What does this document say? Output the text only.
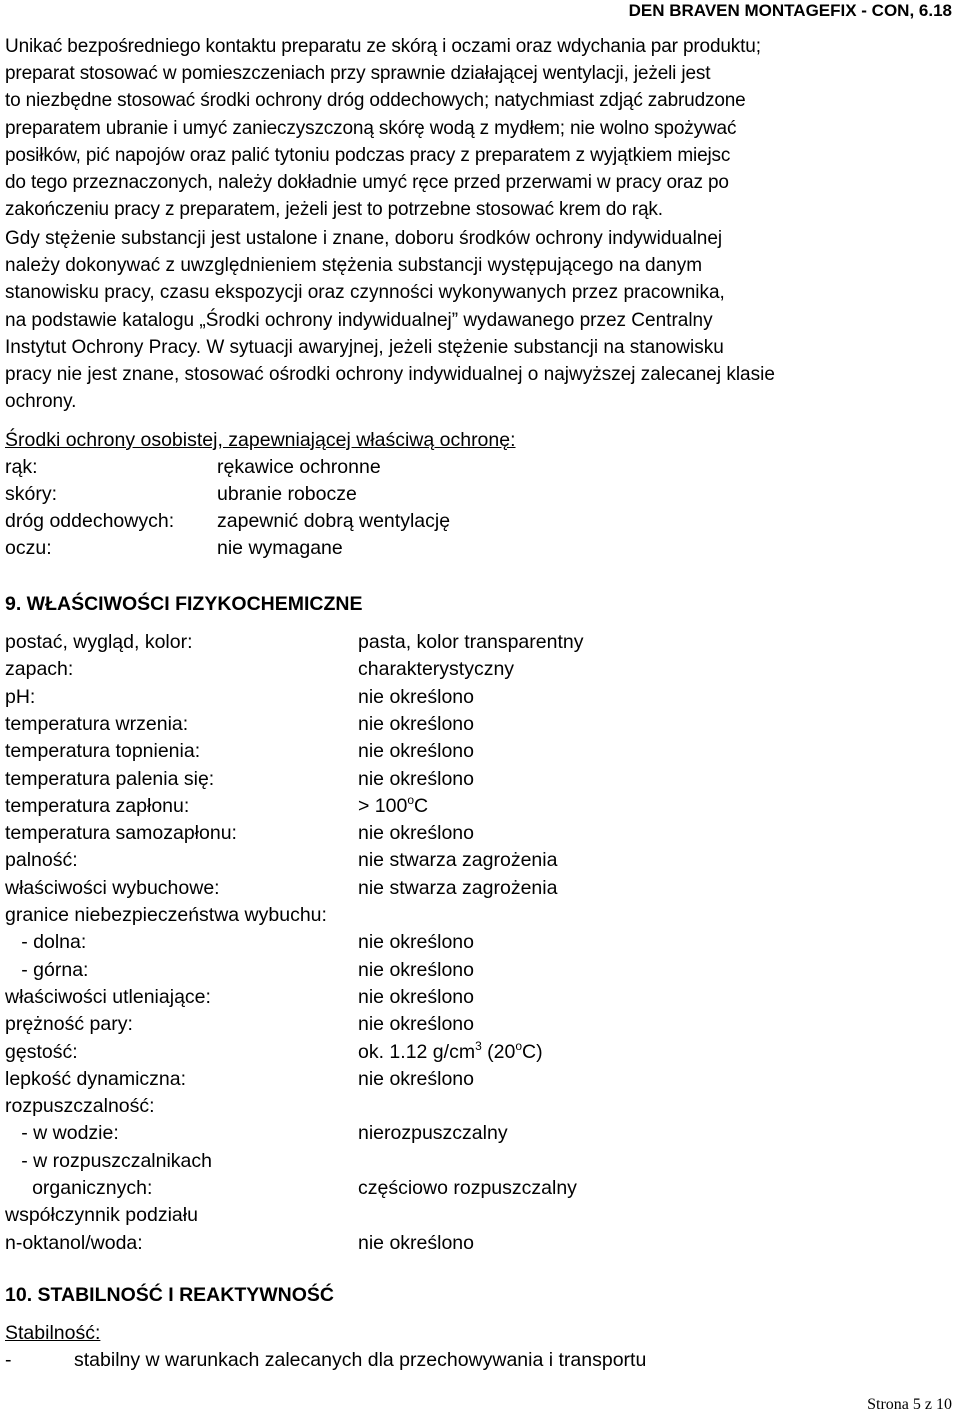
DEN BRAVEN MONTAGEFIX - CON, 6.18

Unikać bezpośredniego kontaktu preparatu ze skórą i oczami oraz wdychania par produktu;
preparat stosować w pomieszczeniach przy sprawnie działającej wentylacji, jeżeli jest
to niezbędne stosować środki ochrony dróg oddechowych; natychmiast zdjąć zabrudzone
preparatem ubranie i umyć zanieczyszczoną skórę wodą z mydłem; nie wolno spożywać
posiłków, pić napojów oraz palić tytoniu podczas pracy z preparatem z wyjątkiem miejsc
do tego przeznaczonych, należy dokładnie umyć ręce przed przerwami w pracy oraz po
zakończeniu pracy z preparatem, jeżeli jest to potrzebne stosować krem do rąk.

Gdy stężenie substancji jest ustalone i znane, doboru środków ochrony indywidualnej
należy dokonywać z uwzględnieniem stężenia substancji występującego na danym
stanowisku pracy, czasu ekspozycji oraz czynności wykonywanych przez pracownika,
na podstawie katalogu „Środki ochrony indywidualnej” wydawanego przez Centralny
Instytut Ochrony Pracy. W sytuacji awaryjnej, jeżeli stężenie substancji na stanowisku
pracy nie jest znane, stosować ośrodki ochrony indywidualnej o najwyższej zalecanej klasie
ochrony.

Środki ochrony osobistej, zapewniającej właściwą ochronę:
rąk:	rękawice ochronne
skóry:	ubranie robocze
dróg oddechowych: zapewnić dobrą wentylację
oczu:	nie wymagane
9. WŁAŚCIWOŚCI FIZYKOCHEMICZNE
postać, wygląd, kolor:	pasta, kolor transparentny
zapach:	charakterystyczny
pH:	nie określono
temperatura wrzenia:	nie określono
temperatura topnienia:	nie określono
temperatura palenia się:	nie określono
temperatura zapłonu:	> $100^oC$
temperatura samozapłonu:	nie określono
palność:	nie stwarza zagrożenia
właściwości wybuchowe:	nie stwarza zagrożenia
granice niebezpieczeństwa wybuchu:
- dolna:	nie określono
- górna:	nie określono
właściwości utleniające:	nie określono
prężność pary:	nie określono
gęstość:	ok. 1.12 $g/cm^3$ (20$^o$C)
lepkość dynamiczna:	nie określono
rozpuszczalność:
- w wodzie:	nierozpuszczalny
- w rozpuszczalnikach
organicznych:	częściowo rozpuszczalny
współczynnik podziału
n-oktanol/woda:	nie określono
10. STABILNOŚĆ I REAKTYWNOŚĆ
Stabilność:
-	stabilny w warunkach zalecanych dla przechowywania i transportu
Strona 5 z 10
